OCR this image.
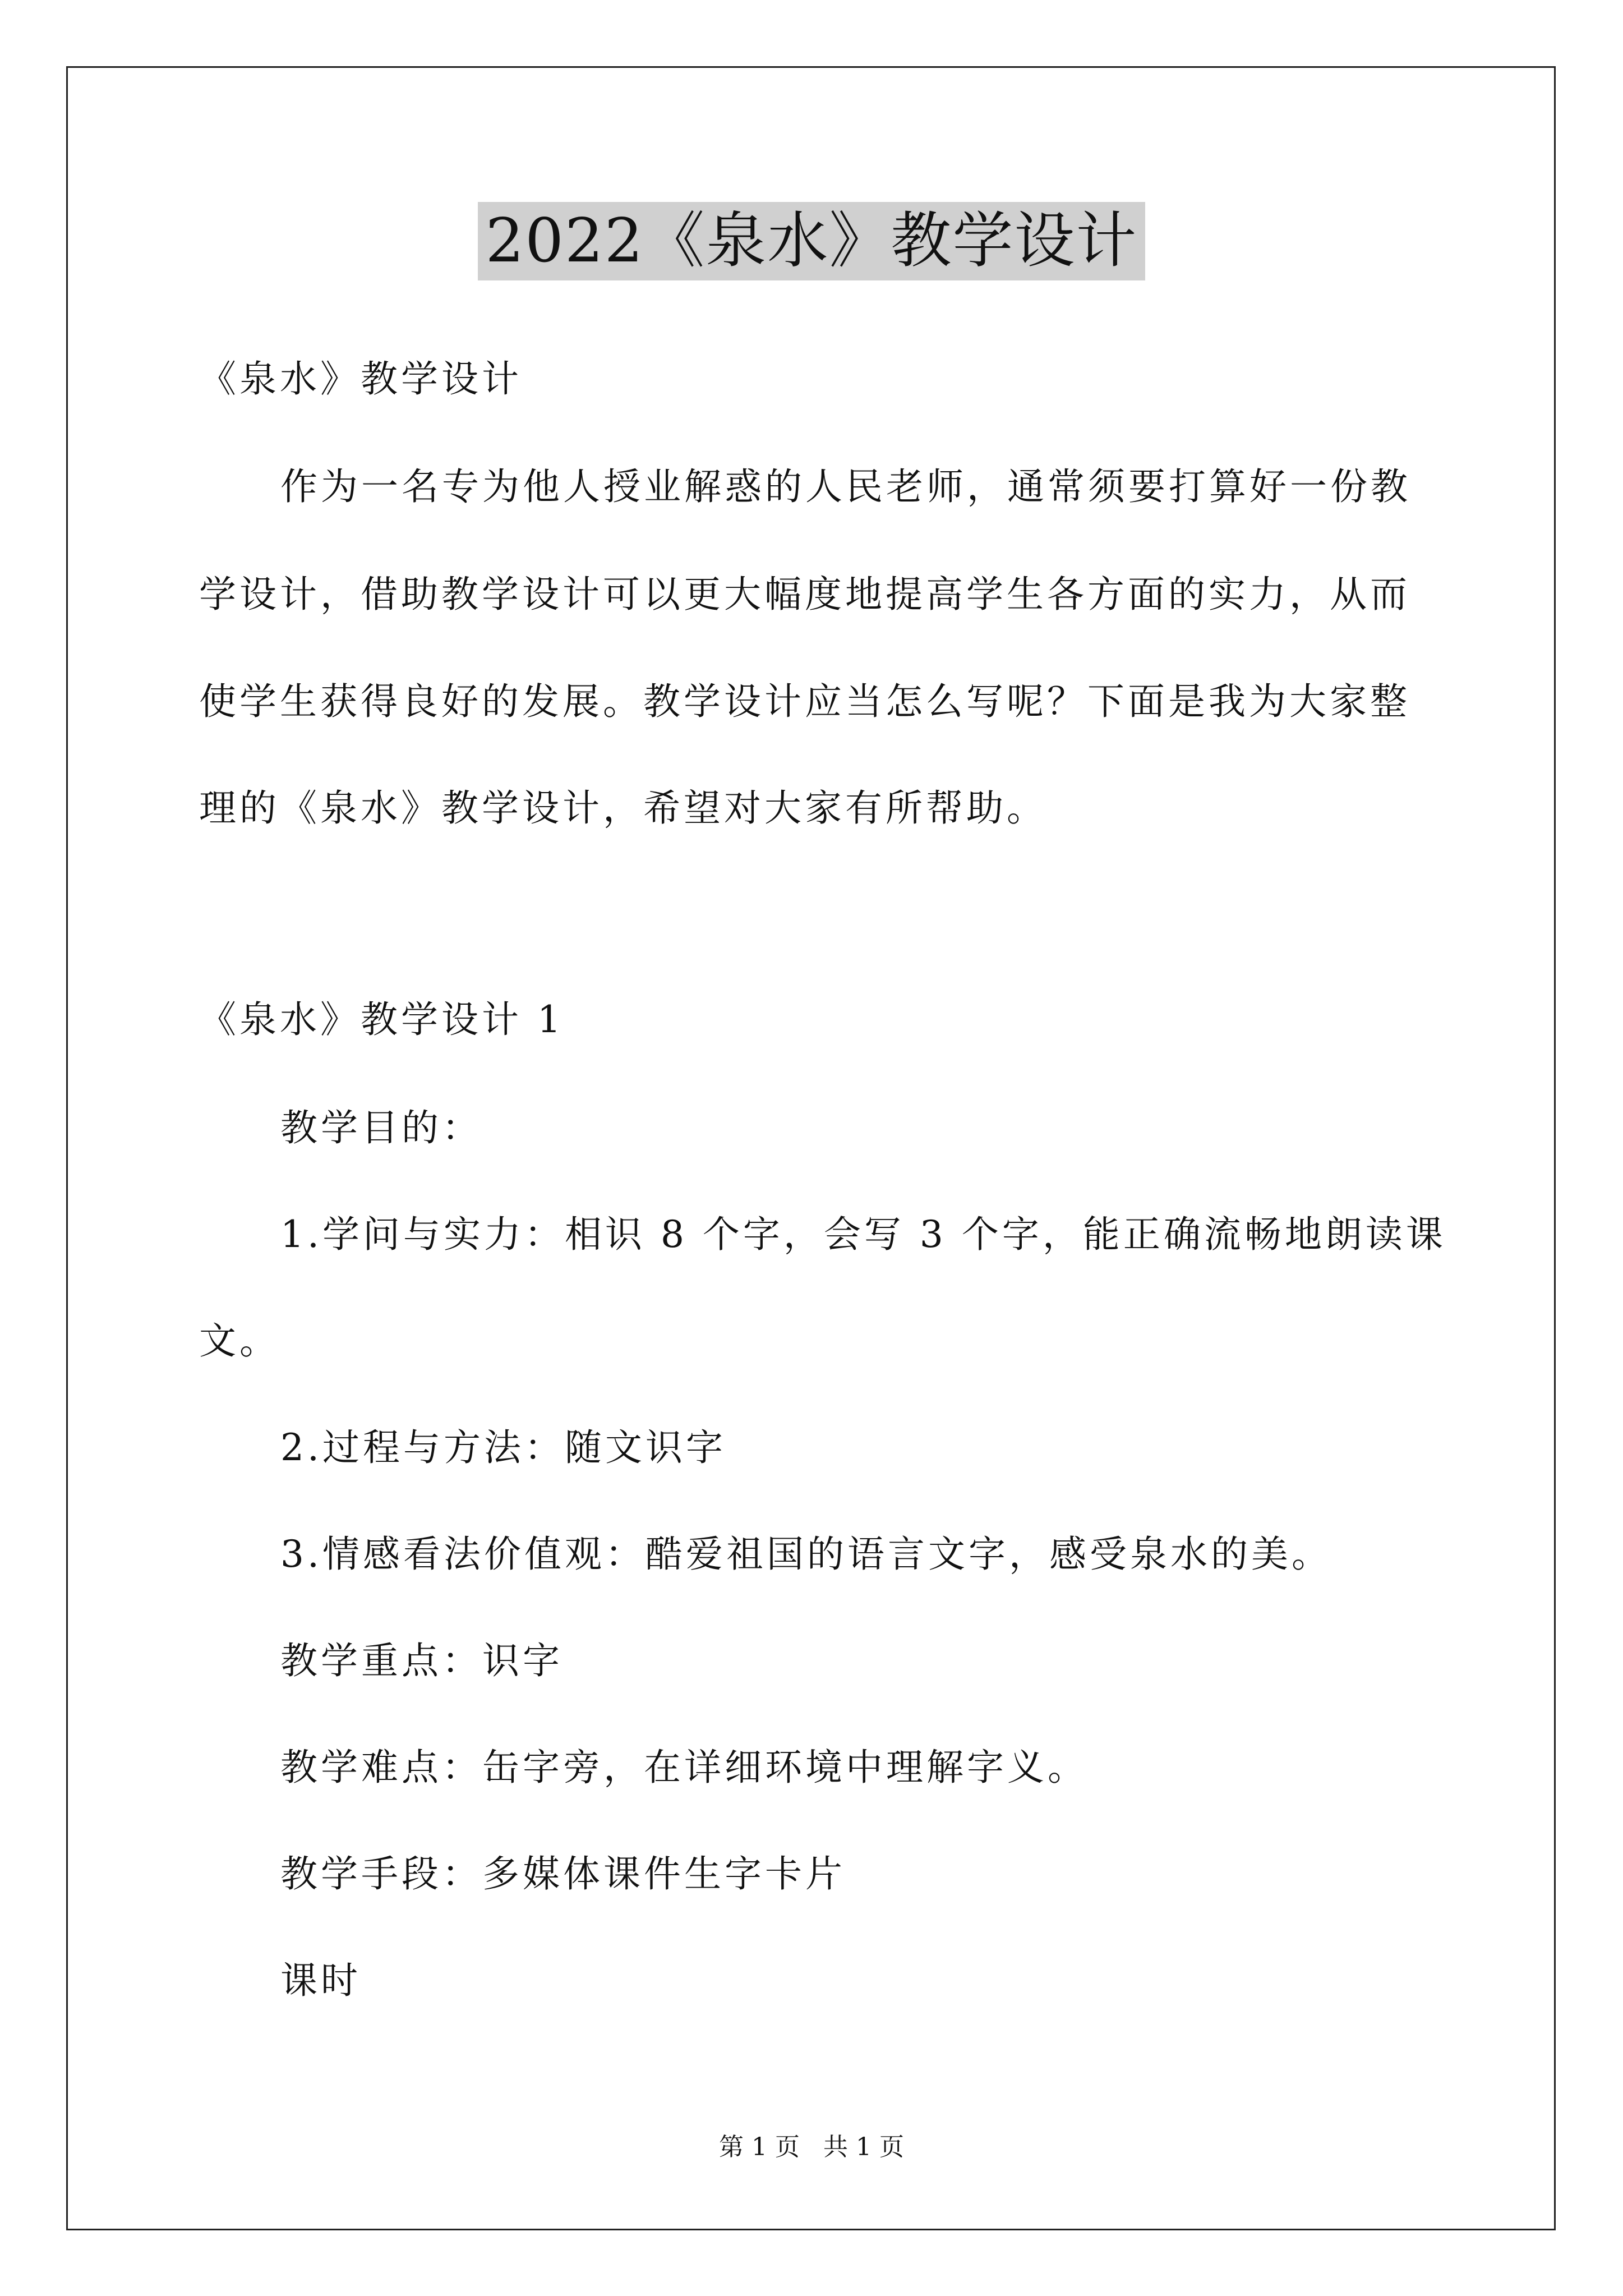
2022《泉水》教学设计

《泉水》教学设计

作为一名专为他人授业解惑的人民老师，通常须要打算好一份教

学设计，借助教学设计可以更大幅度地提高学生各方面的实力，从而

使学生获得良好的发展。教学设计应当怎么写呢？下面是我为大家整

理的《泉水》教学设计，希望对大家有所帮助。

《泉水》教学设计 1

教学目的：

1.学问与实力：相识 8 个字，会写 3 个字，能正确流畅地朗读课

文。

2.过程与方法：随文识字

3.情感看法价值观：酷爱祖国的语言文字，感受泉水的美。

教学重点：识字

教学难点：缶字旁，在详细环境中理解字义。

教学手段：多媒体课件生字卡片

课时

第 1 页 共 1 页
